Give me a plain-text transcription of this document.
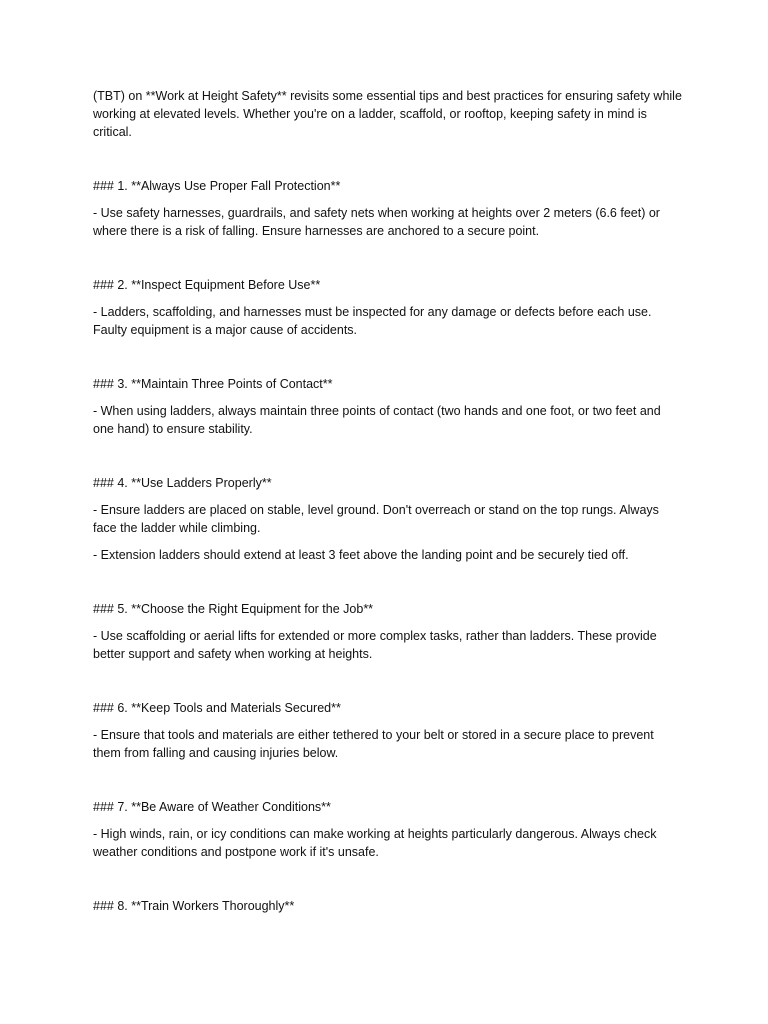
(TBT) on **Work at Height Safety** revisits some essential tips and best practices for ensuring safety while working at elevated levels. Whether you're on a ladder, scaffold, or rooftop, keeping safety in mind is critical.

### 1. **Always Use Proper Fall Protection**

- Use safety harnesses, guardrails, and safety nets when working at heights over 2 meters (6.6 feet) or where there is a risk of falling. Ensure harnesses are anchored to a secure point.

### 2. **Inspect Equipment Before Use**

- Ladders, scaffolding, and harnesses must be inspected for any damage or defects before each use. Faulty equipment is a major cause of accidents.

### 3. **Maintain Three Points of Contact**

- When using ladders, always maintain three points of contact (two hands and one foot, or two feet and one hand) to ensure stability.

### 4. **Use Ladders Properly**

- Ensure ladders are placed on stable, level ground. Don't overreach or stand on the top rungs. Always face the ladder while climbing.

- Extension ladders should extend at least 3 feet above the landing point and be securely tied off.

### 5. **Choose the Right Equipment for the Job**

- Use scaffolding or aerial lifts for extended or more complex tasks, rather than ladders. These provide better support and safety when working at heights.

### 6. **Keep Tools and Materials Secured**

- Ensure that tools and materials are either tethered to your belt or stored in a secure place to prevent them from falling and causing injuries below.

### 7. **Be Aware of Weather Conditions**

- High winds, rain, or icy conditions can make working at heights particularly dangerous. Always check weather conditions and postpone work if it's unsafe.

### 8. **Train Workers Thoroughly**
